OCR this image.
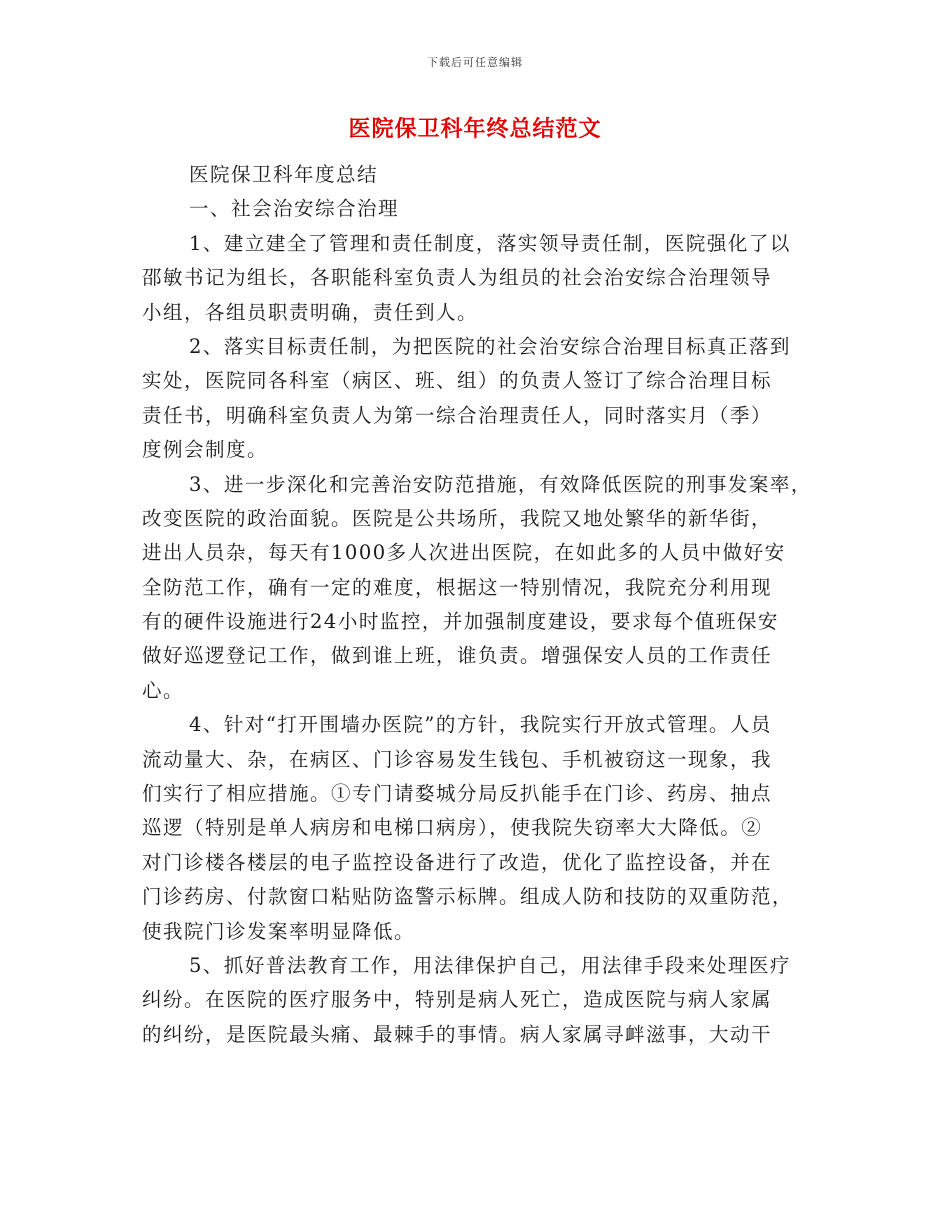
下载后可任意编辑
医院保卫科年终总结范文
医院保卫科年度总结
一、社会治安综合治理
1、建立建全了管理和责任制度，落实领导责任制，医院强化了以
邵敏书记为组长，各职能科室负责人为组员的社会治安综合治理领导
小组，各组员职责明确，责任到人。
2、落实目标责任制，为把医院的社会治安综合治理目标真正落到
实处，医院同各科室（病区、班、组）的负责人签订了综合治理目标
责任书，明确科室负责人为第一综合治理责任人，同时落实月（季）
度例会制度。
3、进一步深化和完善治安防范措施，有效降低医院的刑事发案率，
改变医院的政治面貌。医院是公共场所，我院又地处繁华的新华街，
进出人员杂，每天有1000多人次进出医院，在如此多的人员中做好安
全防范工作，确有一定的难度，根据这一特别情况，我院充分利用现
有的硬件设施进行24小时监控，并加强制度建设，要求每个值班保安
做好巡逻登记工作，做到谁上班，谁负责。增强保安人员的工作责任
心。
4、针对“打开围墙办医院”的方针，我院实行开放式管理。人员
流动量大、杂，在病区、门诊容易发生钱包、手机被窃这一现象，我
们实行了相应措施。①专门请婺城分局反扒能手在门诊、药房、抽点
巡逻（特别是单人病房和电梯口病房），使我院失窃率大大降低。②
对门诊楼各楼层的电子监控设备进行了改造，优化了监控设备，并在
门诊药房、付款窗口粘贴防盗警示标牌。组成人防和技防的双重防范，
使我院门诊发案率明显降低。
5、抓好普法教育工作，用法律保护自己，用法律手段来处理医疗
纠纷。在医院的医疗服务中，特别是病人死亡，造成医院与病人家属
的纠纷，是医院最头痛、最棘手的事情。病人家属寻衅滋事，大动干
